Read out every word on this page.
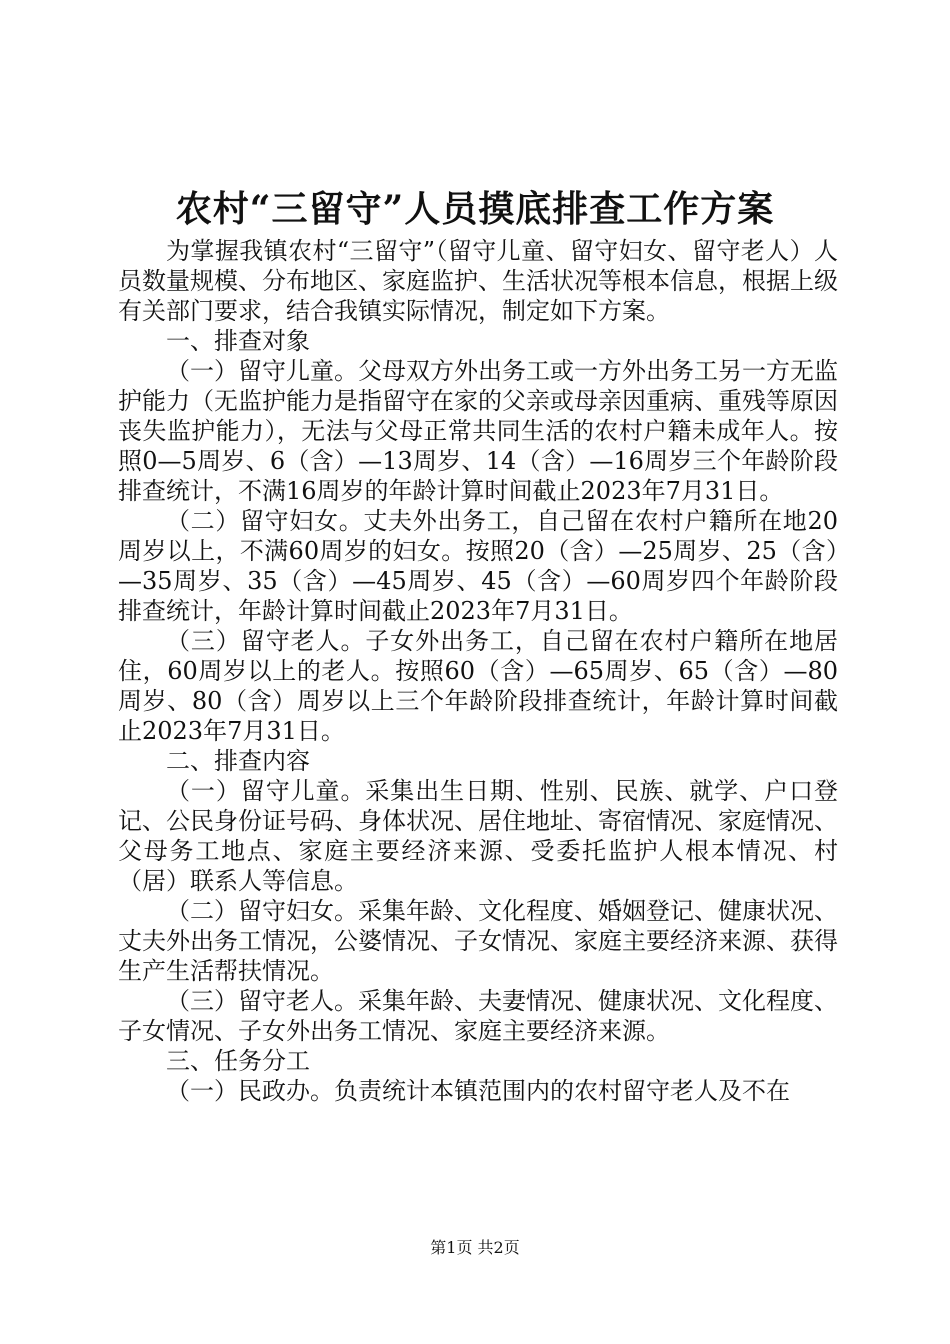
农村“三留守”人员摸底排查工作方案

为掌握我镇农村“三留守”（留守儿童、留守妇女、留守老人）人员数量规模、分布地区、家庭监护、生活状况等根本信息，根据上级有关部门要求，结合我镇实际情况，制定如下方案。

一、排查对象

（一）留守儿童。父母双方外出务工或一方外出务工另一方无监护能力（无监护能力是指留守在家的父亲或母亲因重病、重残等原因丧失监护能力），无法与父母正常共同生活的农村户籍未成年人。按照0—5周岁、6（含）—13周岁、14（含）—16周岁三个年龄阶段排查统计，不满16周岁的年龄计算时间截止2023年7月31日。

（二）留守妇女。丈夫外出务工，自己留在农村户籍所在地20周岁以上，不满60周岁的妇女。按照20（含）—25周岁、25（含）—35周岁、35（含）—45周岁、45（含）—60周岁四个年龄阶段排查统计，年龄计算时间截止2023年7月31日。

（三）留守老人。子女外出务工，自己留在农村户籍所在地居住，60周岁以上的老人。按照60（含）—65周岁、65（含）—80周岁、80（含）周岁以上三个年龄阶段排查统计，年龄计算时间截止2023年7月31日。

二、排查内容

（一）留守儿童。采集出生日期、性别、民族、就学、户口登记、公民身份证号码、身体状况、居住地址、寄宿情况、家庭情况、父母务工地点、家庭主要经济来源、受委托监护人根本情况、村（居）联系人等信息。

（二）留守妇女。采集年龄、文化程度、婚姻登记、健康状况、丈夫外出务工情况，公婆情况、子女情况、家庭主要经济来源、获得生产生活帮扶情况。

（三）留守老人。采集年龄、夫妻情况、健康状况、文化程度、子女情况、子女外出务工情况、家庭主要经济来源。

三、任务分工

（一）民政办。负责统计本镇范围内的农村留守老人及不在

第1页 共2页
